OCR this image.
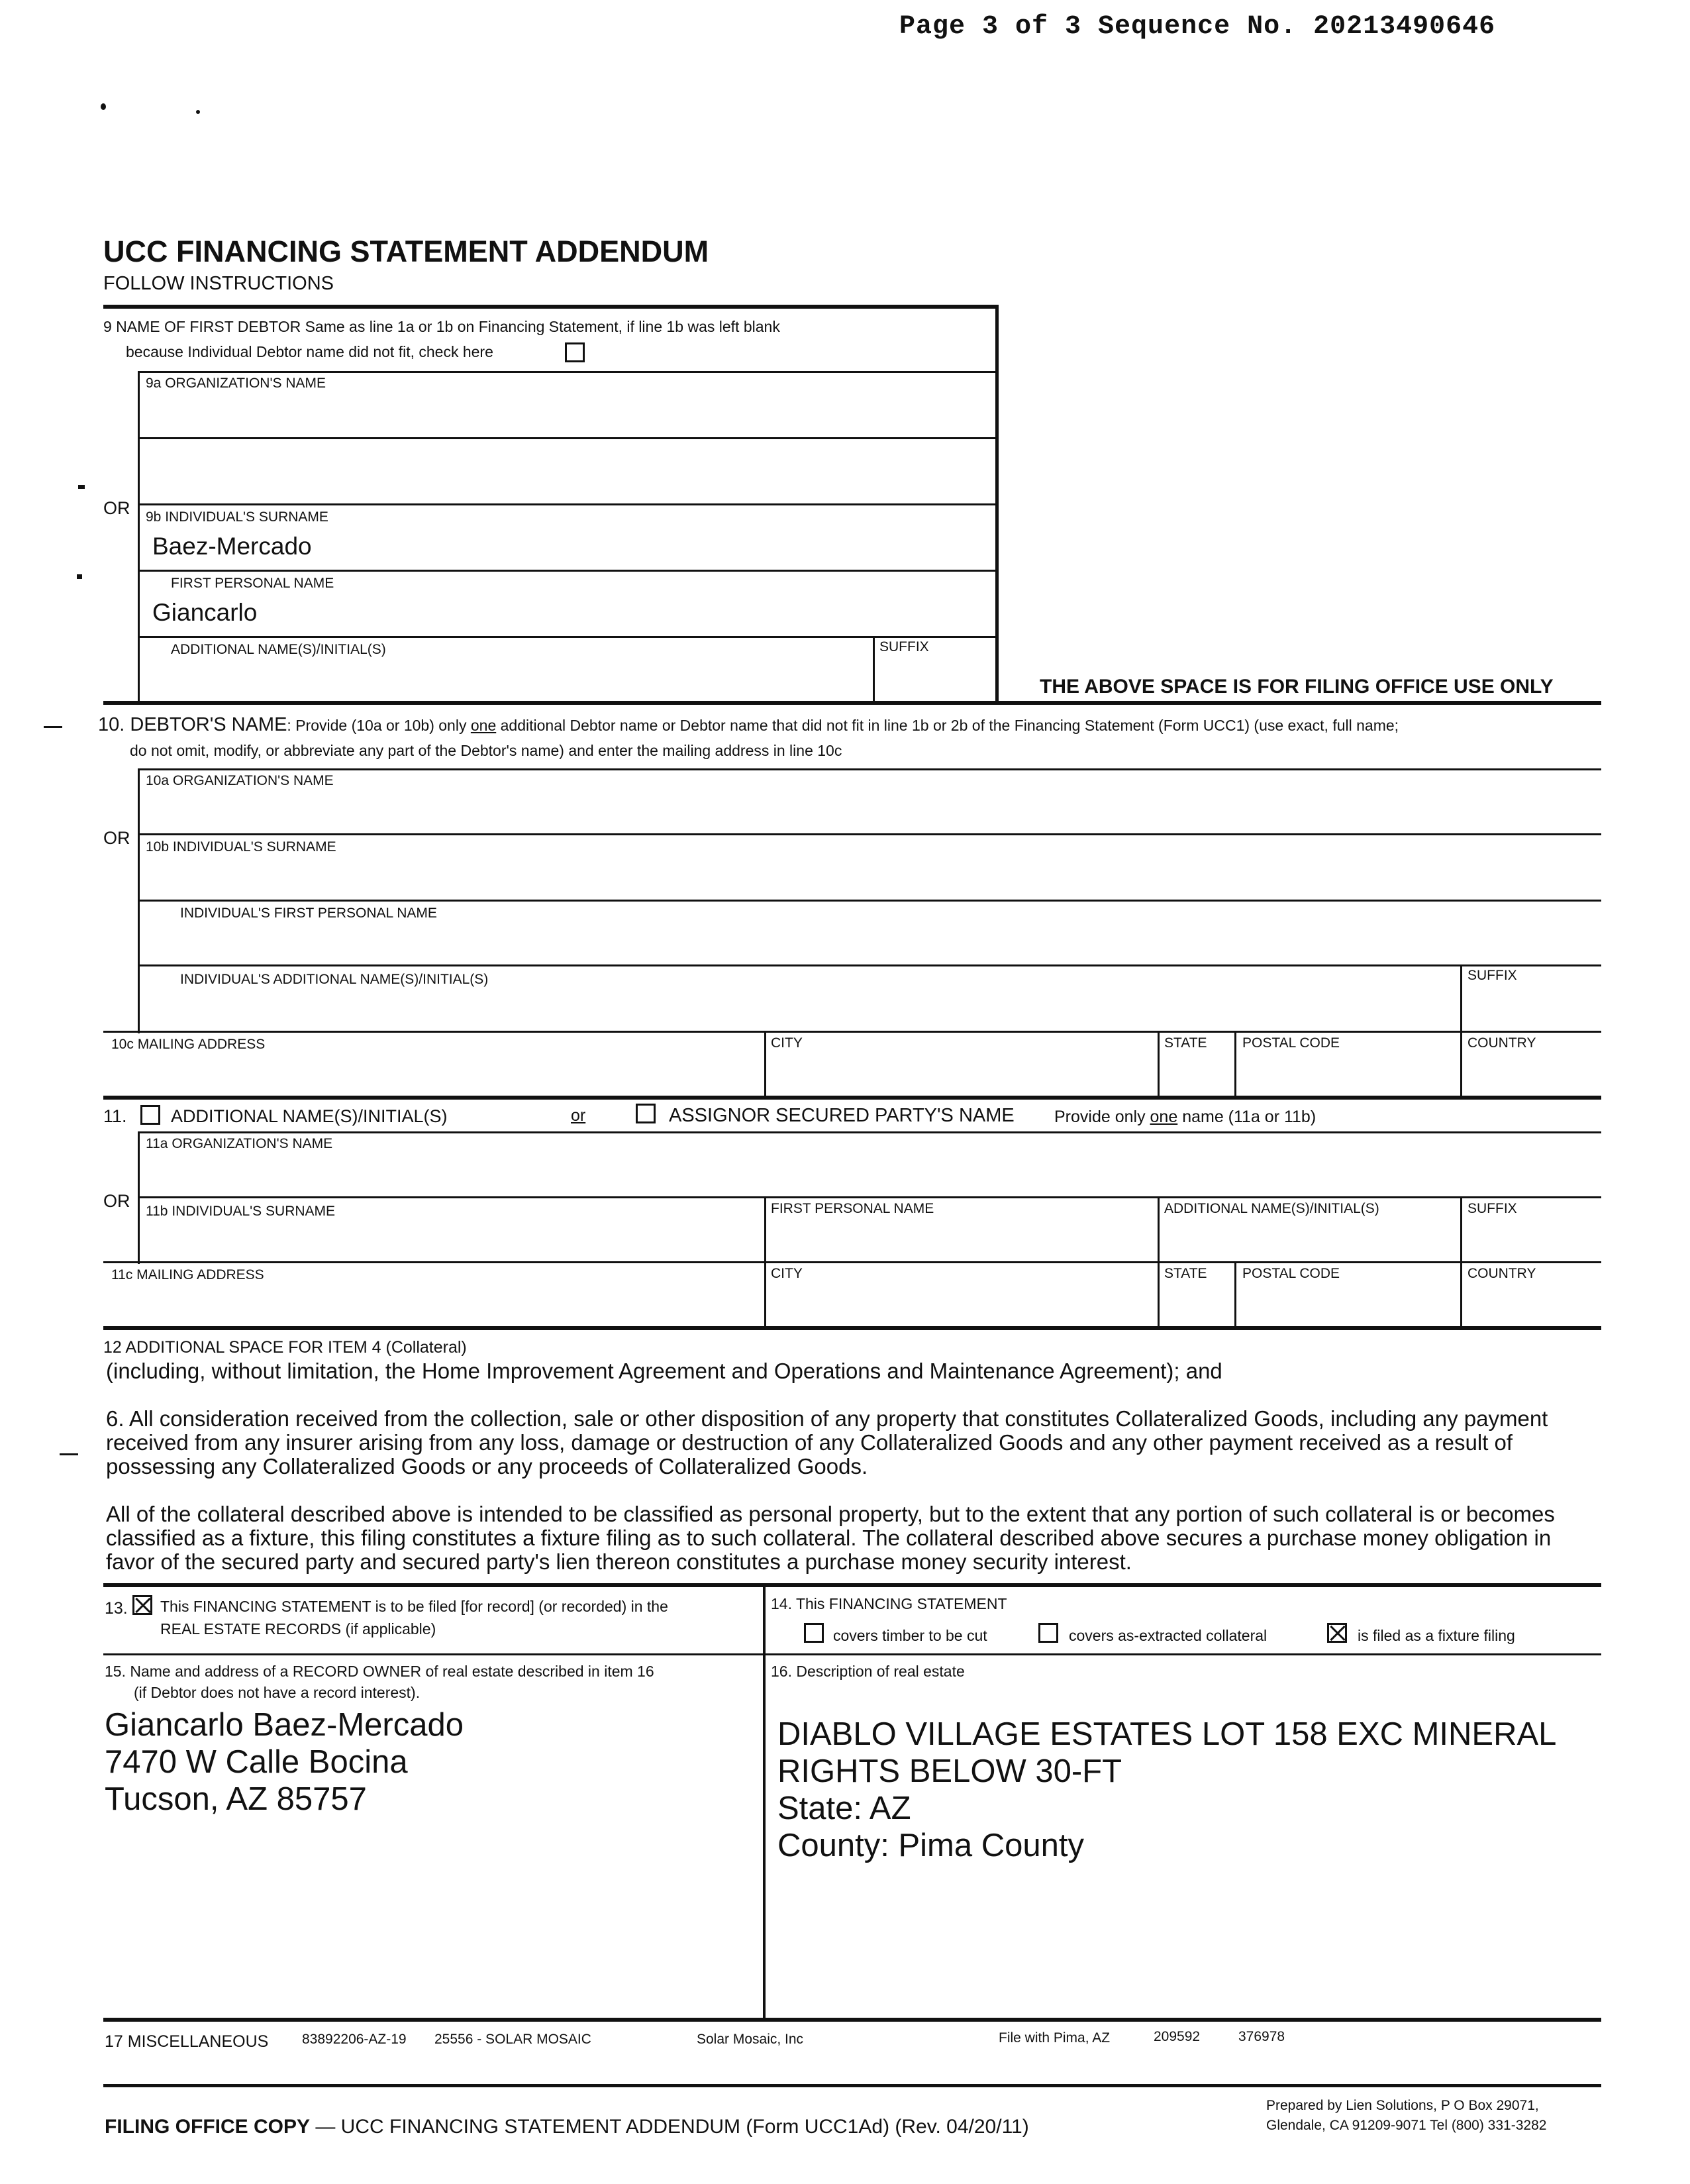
Page 3 of 3 Sequence No. 20213490646
UCC FINANCING STATEMENT ADDENDUM
FOLLOW INSTRUCTIONS
9 NAME OF FIRST DEBTOR Same as line 1a or 1b on Financing Statement, if line 1b was left blank
because Individual Debtor name did not fit, check here
9a ORGANIZATION'S NAME
OR 9b INDIVIDUAL'S SURNAME
Baez-Mercado
FIRST PERSONAL NAME
Giancarlo
ADDITIONAL NAME(S)/INITIAL(S)	SUFFIX
THE ABOVE SPACE IS FOR FILING OFFICE USE ONLY
10. DEBTOR'S NAME: Provide (10a or 10b) only one additional Debtor name or Debtor name that did not fit in line 1b or 2b of the Financing Statement (Form UCC1) (use exact, full name;
do not omit, modify, or abbreviate any part of the Debtor's name) and enter the mailing address in line 10c
10a ORGANIZATION'S NAME
OR 10b INDIVIDUAL'S SURNAME
INDIVIDUAL'S FIRST PERSONAL NAME
INDIVIDUAL'S ADDITIONAL NAME(S)/INITIAL(S)	SUFFIX
10c MAILING ADDRESS	CITY	STATE	POSTAL CODE	COUNTRY
11. ADDITIONAL NAME(S)/INITIAL(S)	or	ASSIGNOR SECURED PARTY'S NAME Provide only one name (11a or 11b)
11a ORGANIZATION'S NAME
OR
11b INDIVIDUAL'S SURNAME	FIRST PERSONAL NAME	ADDITIONAL NAME(S)/INITIAL(S)	SUFFIX
11c MAILING ADDRESS	CITY	STATE	POSTAL CODE	COUNTRY
12 ADDITIONAL SPACE FOR ITEM 4 (Collateral)
(including, without limitation, the Home Improvement Agreement and Operations and Maintenance Agreement); and
6. All consideration received from the collection, sale or other disposition of any property that constitutes Collateralized Goods, including any payment received from any insurer arising from any loss, damage or destruction of any Collateralized Goods and any other payment received as a result of possessing any Collateralized Goods or any proceeds of Collateralized Goods.
All of the collateral described above is intended to be classified as personal property, but to the extent that any portion of such collateral is or becomes classified as a fixture, this filing constitutes a fixture filing as to such collateral. The collateral described above secures a purchase money obligation in favor of the secured party and secured party's lien thereon constitutes a purchase money security interest.
13. This FINANCING STATEMENT is to be filed [for record] (or recorded) in the
REAL ESTATE RECORDS (if applicable)
14. This FINANCING STATEMENT
covers timber to be cut	covers as-extracted collateral	is filed as a fixture filing
15. Name and address of a RECORD OWNER of real estate described in item 16
(if Debtor does not have a record interest).
Giancarlo Baez-Mercado
7470 W Calle Bocina
Tucson, AZ 85757
16. Description of real estate
DIABLO VILLAGE ESTATES LOT 158 EXC MINERAL
RIGHTS BELOW 30-FT
State: AZ
County: Pima County
17 MISCELLANEOUS 83892206-AZ-19 25556 - SOLAR MOSAIC	Solar Mosaic, Inc	File with Pima, AZ	209592	376978
FILING OFFICE COPY — UCC FINANCING STATEMENT ADDENDUM (Form UCC1Ad) (Rev. 04/20/11)
Prepared by Lien Solutions, P O Box 29071,
Glendale, CA 91209-9071 Tel (800) 331-3282
